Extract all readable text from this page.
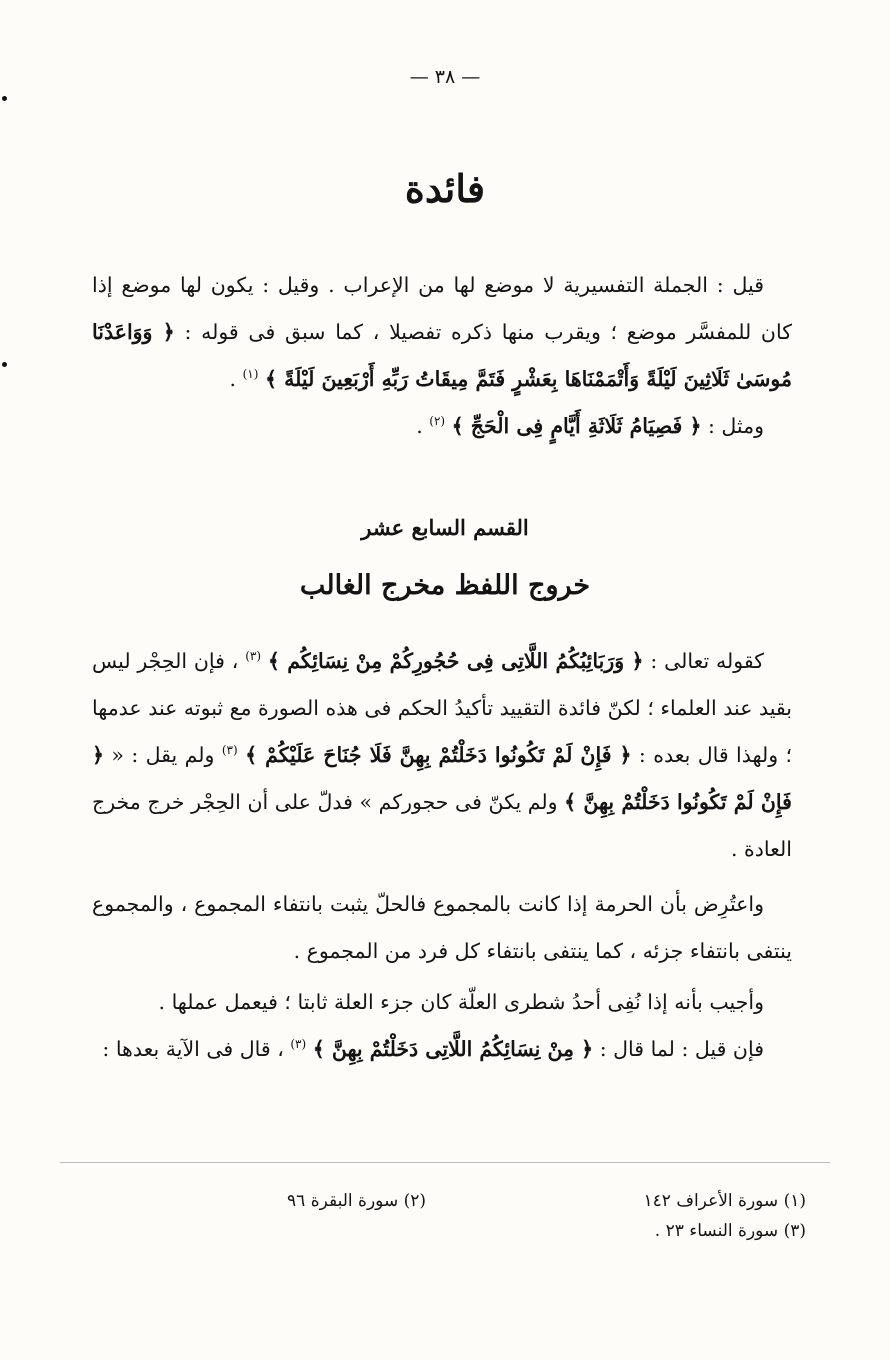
— ٣٨ —
فائدة

قيل : الجملة التفسيرية لا موضع لها من الإعراب . وقيل : يكون لها موضع إذا كان للمفسَّر موضع ؛ ويقرب منها ذكره تفصيلا ، كما سبق فى قوله : ﴿ وَوَاعَدْنَا مُوسَىٰ ثَلَاثِينَ لَيْلَةً وَأَتْمَمْنَاهَا بِعَشْرٍ فَتَمَّ مِيقَاتُ رَبِّهِ أَرْبَعِينَ لَيْلَةً ﴾ $^{(١)}$ .

ومثل : ﴿ فَصِيَامُ ثَلَاثَةِ أَيَّامٍ فِى الْحَجِّ ﴾ $^{(٢)}$ .

القسم السابع عشر
خروج اللفظ مخرج الغالب

كقوله تعالى : ﴿ وَرَبَائِبُكُمُ اللَّاتِى فِى حُجُورِكُمْ مِنْ نِسَائِكُم ﴾ $^{(٣)}$ ، فإن الحِجْر ليس بقيد عند العلماء ؛ لكنّ فائدة التقييد تأكيدُ الحكم فى هذه الصورة مع ثبوته عند عدمها ؛ ولهذا قال بعده : ﴿ فَإِنْ لَمْ تَكُونُوا دَخَلْتُمْ بِهِنَّ فَلَا جُنَاحَ عَلَيْكُمْ ﴾ $^{(٣)}$ ولم يقل : « ﴿ فَإِنْ لَمْ تَكُونُوا دَخَلْتُمْ بِهِنَّ ﴾ ولم يكنّ فى حجوركم » فدلّ على أن الحِجْر خرج مخرج العادة .

واعتُرِض بأن الحرمة إذا كانت بالمجموع فالحلّ يثبت بانتفاء المجموع ، والمجموع ينتفى بانتفاء جزئه ، كما ينتفى بانتفاء كل فرد من المجموع .

وأجيب بأنه إذا نُفِى أحدُ شطرى العلّة كان جزء العلة ثابتا ؛ فيعمل عملها .

فإن قيل : لما قال : ﴿ مِنْ نِسَائِكُمُ اللَّاتِى دَخَلْتُمْ بِهِنَّ ﴾ $^{(٣)}$ ، قال فى الآية بعدها :

(١) سورة الأعراف ١٤٢
(٢) سورة البقرة ٩٦
(٣) سورة النساء ٢٣ .
